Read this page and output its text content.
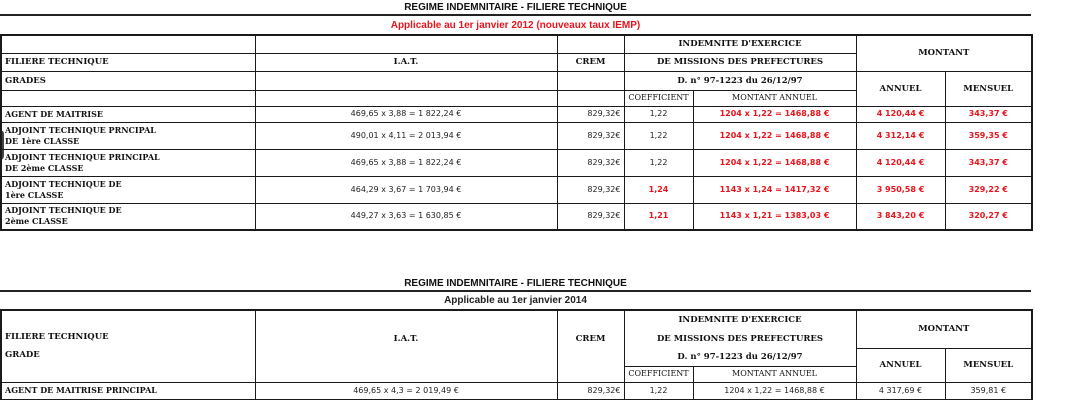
REGIME INDEMNITAIRE - FILIERE TECHNIQUE
Applicable au 1er janvier 2012 (nouveaux taux IEMP)
			INDEMNITE D'EXERCICE		MONTANT	
FILIERE TECHNIQUE	I.A.T.	CREM	DE MISSIONS DES PREFECTURES			
GRADES			D. n° 97-1223 du 26/12/97		ANNUEL	MENSUEL
			COEFFICIENT	MONTANT ANNUEL		
AGENT DE MAITRISE	469,65 x 3,88 = 1 822,24 €	829,32€	1,22	1204 x 1,22 = 1468,88 €	4 120,44 €	343,37 €

ADJOINT TECHNIQUE PRNCIPAL
DE 1ère CLASSE	490,01 x 4,11 = 2 013,94 €	829,32€	1,22	1204 x 1,22 = 1468,88 €	4 312,14 €	359,35 €

ADJOINT TECHNIQUE PRINCIPAL
DE 2ème CLASSE	469,65 x 3,88 = 1 822,24 €	829,32€	1,22	1204 x 1,22 = 1468,88 €	4 120,44 €	343,37 €

ADJOINT TECHNIQUE DE
1ère CLASSE	464,29 x 3,67 = 1 703,94 €	829,32€	1,24	1143 x 1,24 = 1417,32 €	3 950,58 €	329,22 €

ADJOINT TECHNIQUE DE
2ème CLASSE	449,27 x 3,63 = 1 630,85 €	829,32€	1,21	1143 x 1,21 = 1383,03 €	3 843,20 €	320,27 €
REGIME INDEMNITAIRE - FILIERE TECHNIQUE
Applicable au 1er janvier 2014
FILIERE TECHNIQUE
GRADE	I.A.T.	CREM	INDEMNITE D'EXERCICE		MONTANT	
			DE MISSIONS DES PREFECTURES			
			D. n° 97-1223 du 26/12/97		ANNUEL	MENSUEL
			COEFFICIENT	MONTANT ANNUEL		
AGENT DE MAITRISE PRINCIPAL	469,65 x 4,3 = 2 019,49 €	829,32€	1,22	1204 x 1,22 = 1468,88 €	4 317,69 €	359,81 €
